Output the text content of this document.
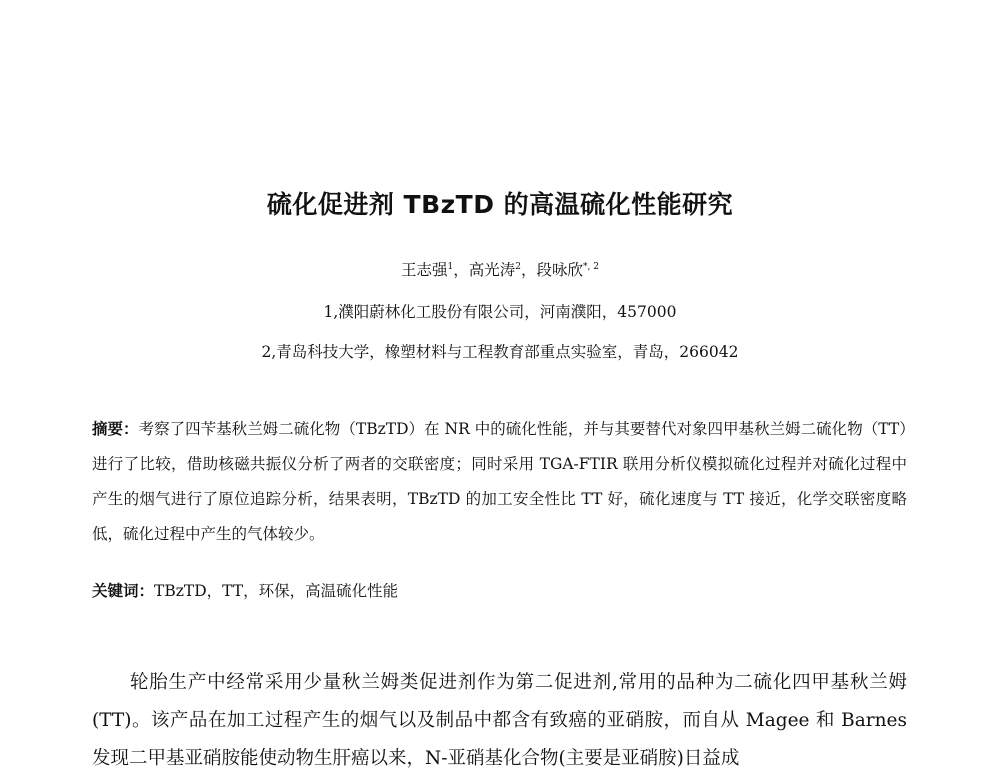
硫化促进剂 TBzTD 的高温硫化性能研究
王志强$^1$，高光涛$^2$，段咏欣$^{*, 2}$
1,濮阳蔚林化工股份有限公司，河南濮阳，457000
2,青岛科技大学，橡塑材料与工程教育部重点实验室，青岛，266042
摘要：考察了四苄基秋兰姆二硫化物（TBzTD）在 NR 中的硫化性能，并与其要替代对象四甲基秋兰姆二硫化物（TT）进行了比较，借助核磁共振仪分析了两者的交联密度；同时采用 TGA-FTIR 联用分析仪模拟硫化过程并对硫化过程中产生的烟气进行了原位追踪分析，结果表明，TBzTD 的加工安全性比 TT 好，硫化速度与 TT 接近，化学交联密度略低，硫化过程中产生的气体较少。
关键词：TBzTD，TT，环保，高温硫化性能
轮胎生产中经常采用少量秋兰姆类促进剂作为第二促进剂,常用的品种为二硫化四甲基秋兰姆(TT)。该产品在加工过程产生的烟气以及制品中都含有致癌的亚硝胺，而自从 Magee 和 Barnes 发现二甲基亚硝胺能使动物生肝癌以来，N-亚硝基化合物(主要是亚硝胺)日益成
